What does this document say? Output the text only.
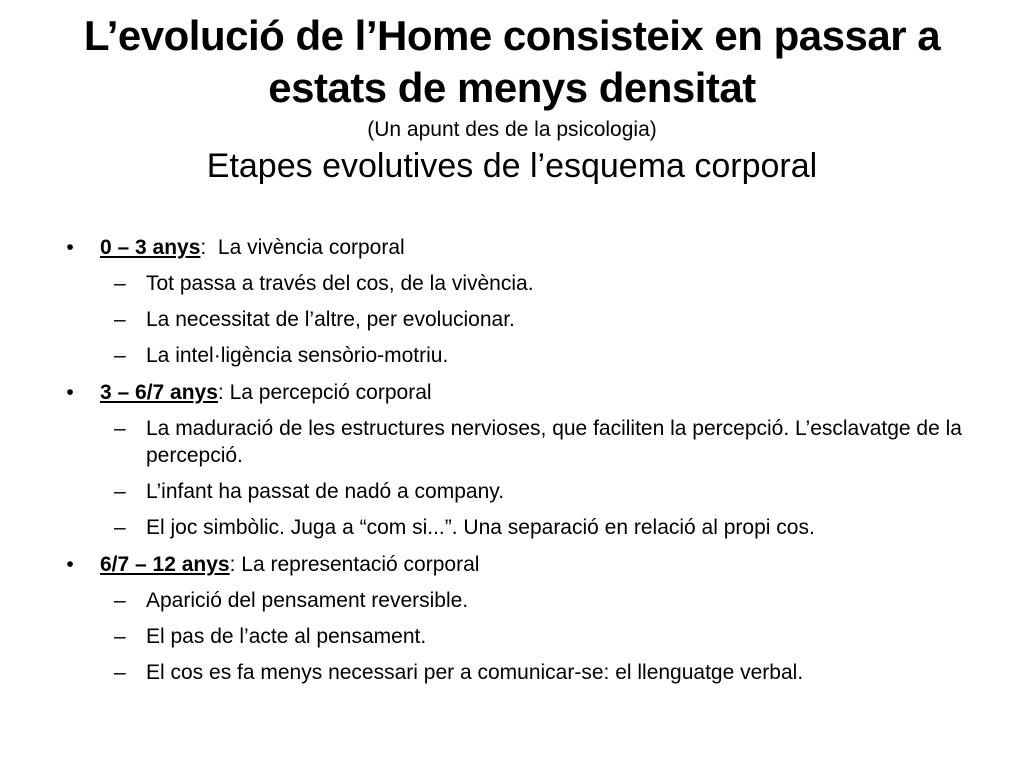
L’evolució de l’Home consisteix en passar a
estats de menys densitat
(Un apunt des de la psicologia)
Etapes evolutives de l’esquema corporal
•	0 – 3 anys:  La vivència corporal
– Tot passa a través del cos, de la vivència.
– La necessitat de l’altre, per evolucionar.
– La intel·ligència sensòrio-motriu.
•	3 – 6/7 anys: La percepció corporal
– La maduració de les estructures nervioses, que faciliten la percepció. L’esclavatge de la percepció.
– L’infant ha passat de nadó a company.
– El joc simbòlic. Juga a “com si...”. Una separació en relació al propi cos.
•	6/7 – 12 anys: La representació corporal
– Aparició del pensament reversible.
– El pas de l’acte al pensament.
– El cos es fa menys necessari per a comunicar-se: el llenguatge verbal.
